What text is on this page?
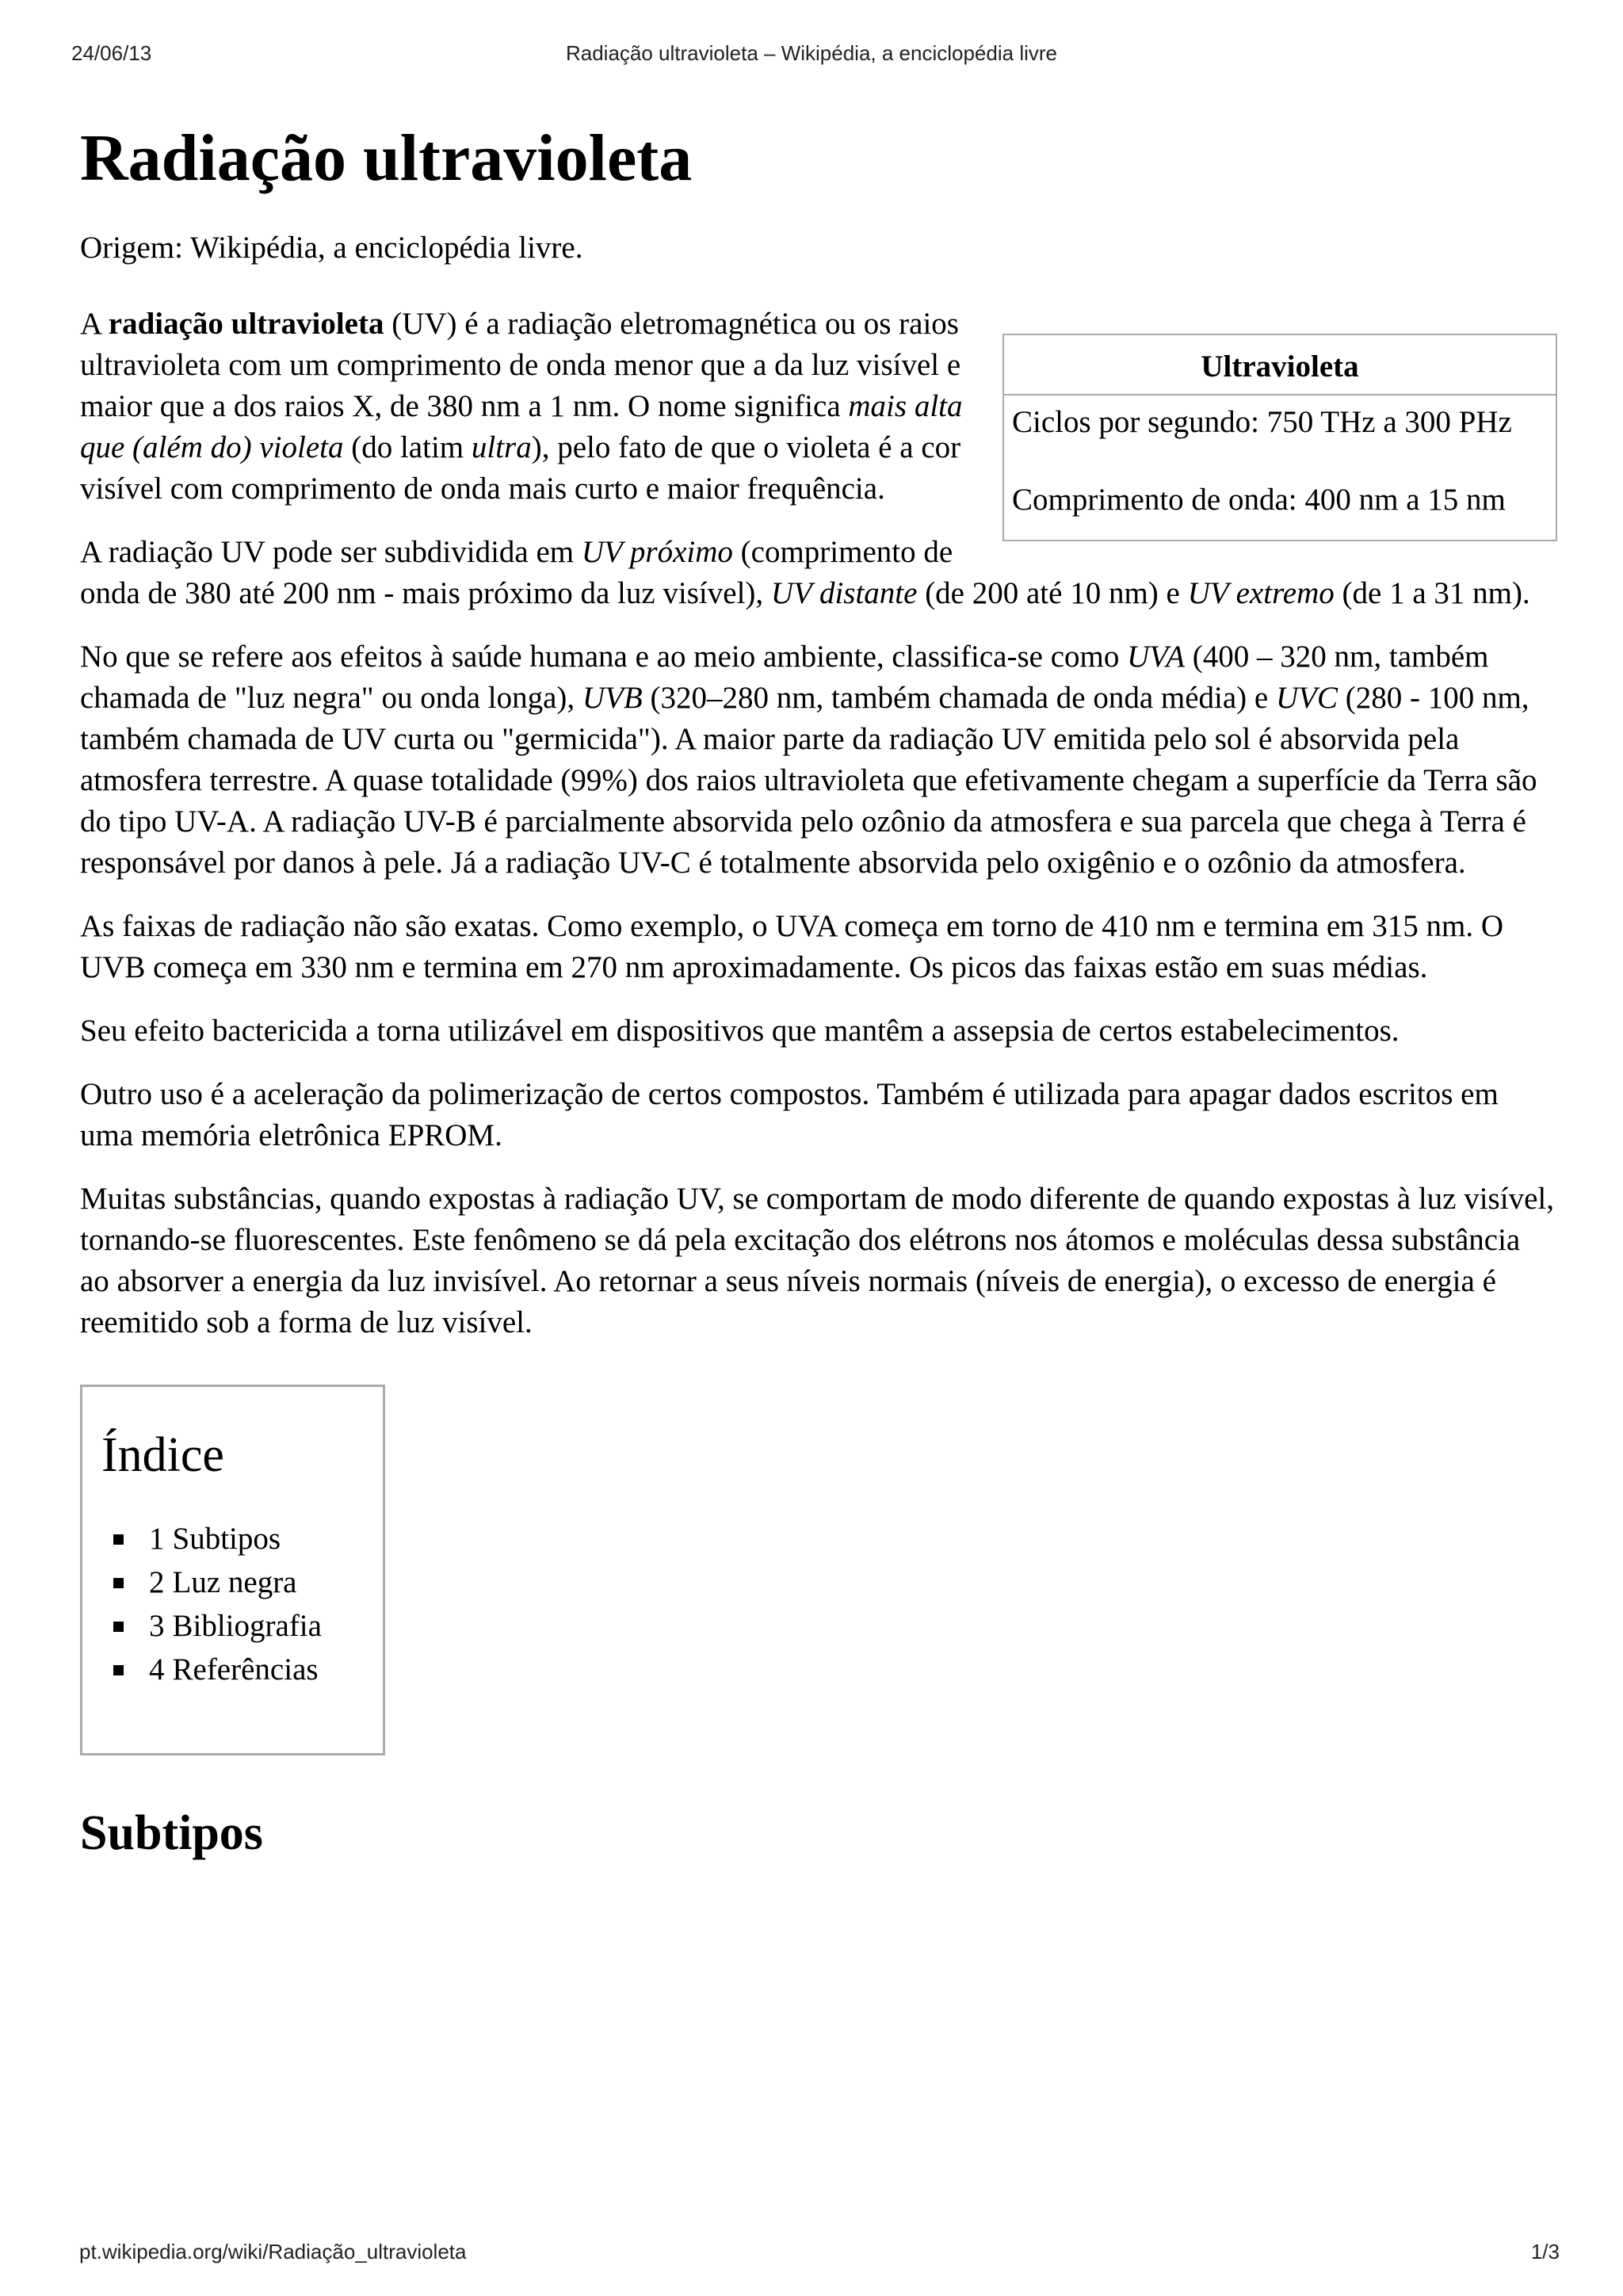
24/06/13	Radiação ultravioleta – Wikipédia, a enciclopédia livre
Radiação ultravioleta

Origem: Wikipédia, a enciclopédia livre.

Ultravioleta
Ciclos por segundo: 750 THz a 300 PHz
Comprimento de onda: 400 nm a 15 nm

A radiação ultravioleta (UV) é a radiação eletromagnética ou os raios ultravioleta com um comprimento de onda menor que a da luz visível e maior que a dos raios X, de 380 nm a 1 nm. O nome significa mais alta que (além do) violeta (do latim ultra), pelo fato de que o violeta é a cor visível com comprimento de onda mais curto e maior frequência.

A radiação UV pode ser subdividida em UV próximo (comprimento de onda de 380 até 200 nm - mais próximo da luz visível), UV distante (de 200 até 10 nm) e UV extremo (de 1 a 31 nm).

No que se refere aos efeitos à saúde humana e ao meio ambiente, classifica-se como UVA (400 – 320 nm, também chamada de "luz negra" ou onda longa), UVB (320–280 nm, também chamada de onda média) e UVC (280 - 100 nm, também chamada de UV curta ou "germicida"). A maior parte da radiação UV emitida pelo sol é absorvida pela atmosfera terrestre. A quase totalidade (99%) dos raios ultravioleta que efetivamente chegam a superfície da Terra são do tipo UV-A. A radiação UV-B é parcialmente absorvida pelo ozônio da atmosfera e sua parcela que chega à Terra é responsável por danos à pele. Já a radiação UV-C é totalmente absorvida pelo oxigênio e o ozônio da atmosfera.

As faixas de radiação não são exatas. Como exemplo, o UVA começa em torno de 410 nm e termina em 315 nm. O UVB começa em 330 nm e termina em 270 nm aproximadamente. Os picos das faixas estão em suas médias.

Seu efeito bactericida a torna utilizável em dispositivos que mantêm a assepsia de certos estabelecimentos.

Outro uso é a aceleração da polimerização de certos compostos. Também é utilizada para apagar dados escritos em uma memória eletrônica EPROM.

Muitas substâncias, quando expostas à radiação UV, se comportam de modo diferente de quando expostas à luz visível, tornando-se fluorescentes. Este fenômeno se dá pela excitação dos elétrons nos átomos e moléculas dessa substância ao absorver a energia da luz invisível. Ao retornar a seus níveis normais (níveis de energia), o excesso de energia é reemitido sob a forma de luz visível.

Índice
1 Subtipos
2 Luz negra
3 Bibliografia
4 Referências
Subtipos
pt.wikipedia.org/wiki/Radiação_ultravioleta	1/3
